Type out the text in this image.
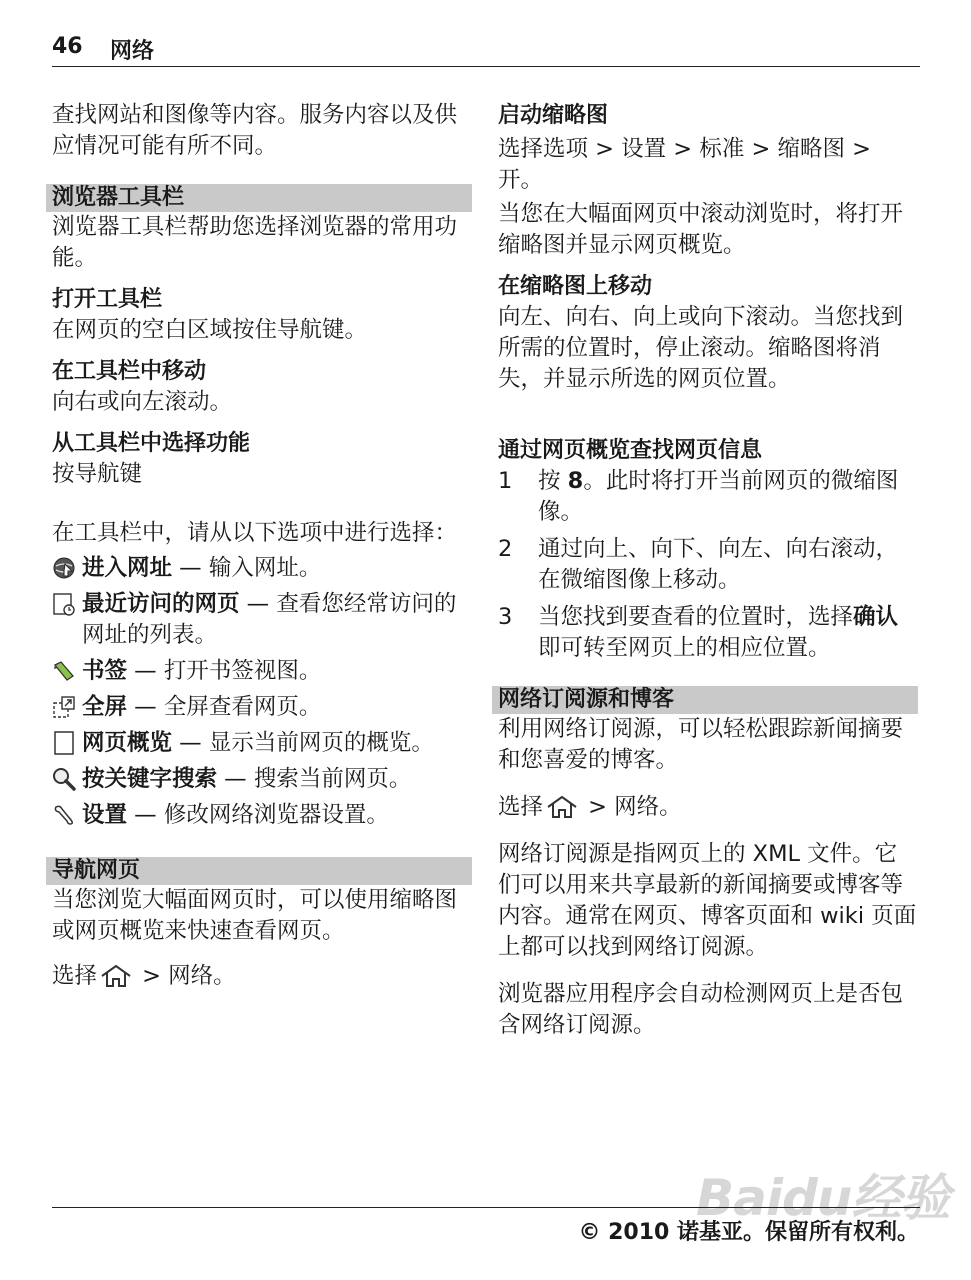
46 网络

查找网站和图像等内容。服务内容以及供应情况可能有所不同。

浏览器工具栏

浏览器工具栏帮助您选择浏览器的常用功能。

打开工具栏

在网页的空白区域按住导航键。

在工具栏中移动

向右或向左滚动。

从工具栏中选择功能

按导航键

在工具栏中，请从以下选项中进行选择：

进入网址 — 输入网址。
最近访问的网页 — 查看您经常访问的网址的列表。
书签 — 打开书签视图。
全屏 — 全屏查看网页。
网页概览 — 显示当前网页的概览。
按关键字搜索 — 搜索当前网页。
设置 — 修改网络浏览器设置。
导航网页

当您浏览大幅面网页时，可以使用缩略图或网页概览来快速查看网页。

选择 > 网络。

启动缩略图

选择选项 > 设置 > 标准 > 缩略图 > 开。

当您在大幅面网页中滚动浏览时，将打开缩略图并显示网页概览。

在缩略图上移动

向左、向右、向上或向下滚动。当您找到所需的位置时，停止滚动。缩略图将消失，并显示所选的网页位置。

通过网页概览查找网页信息

1	按 8。此时将打开当前网页的微缩图像。
2	通过向上、向下、向左、向右滚动，在微缩图像上移动。
3	当您找到要查看的位置时，选择确认即可转至网页上的相应位置。
网络订阅源和博客

利用网络订阅源，可以轻松跟踪新闻摘要和您喜爱的博客。

选择 > 网络。

网络订阅源是指网页上的 XML 文件。它们可以用来共享最新的新闻摘要或博客等内容。通常在网页、博客页面和 wiki 页面上都可以找到网络订阅源。

浏览器应用程序会自动检测网页上是否包含网络订阅源。

Baidu经验
© 2010 诺基亚。保留所有权利。
